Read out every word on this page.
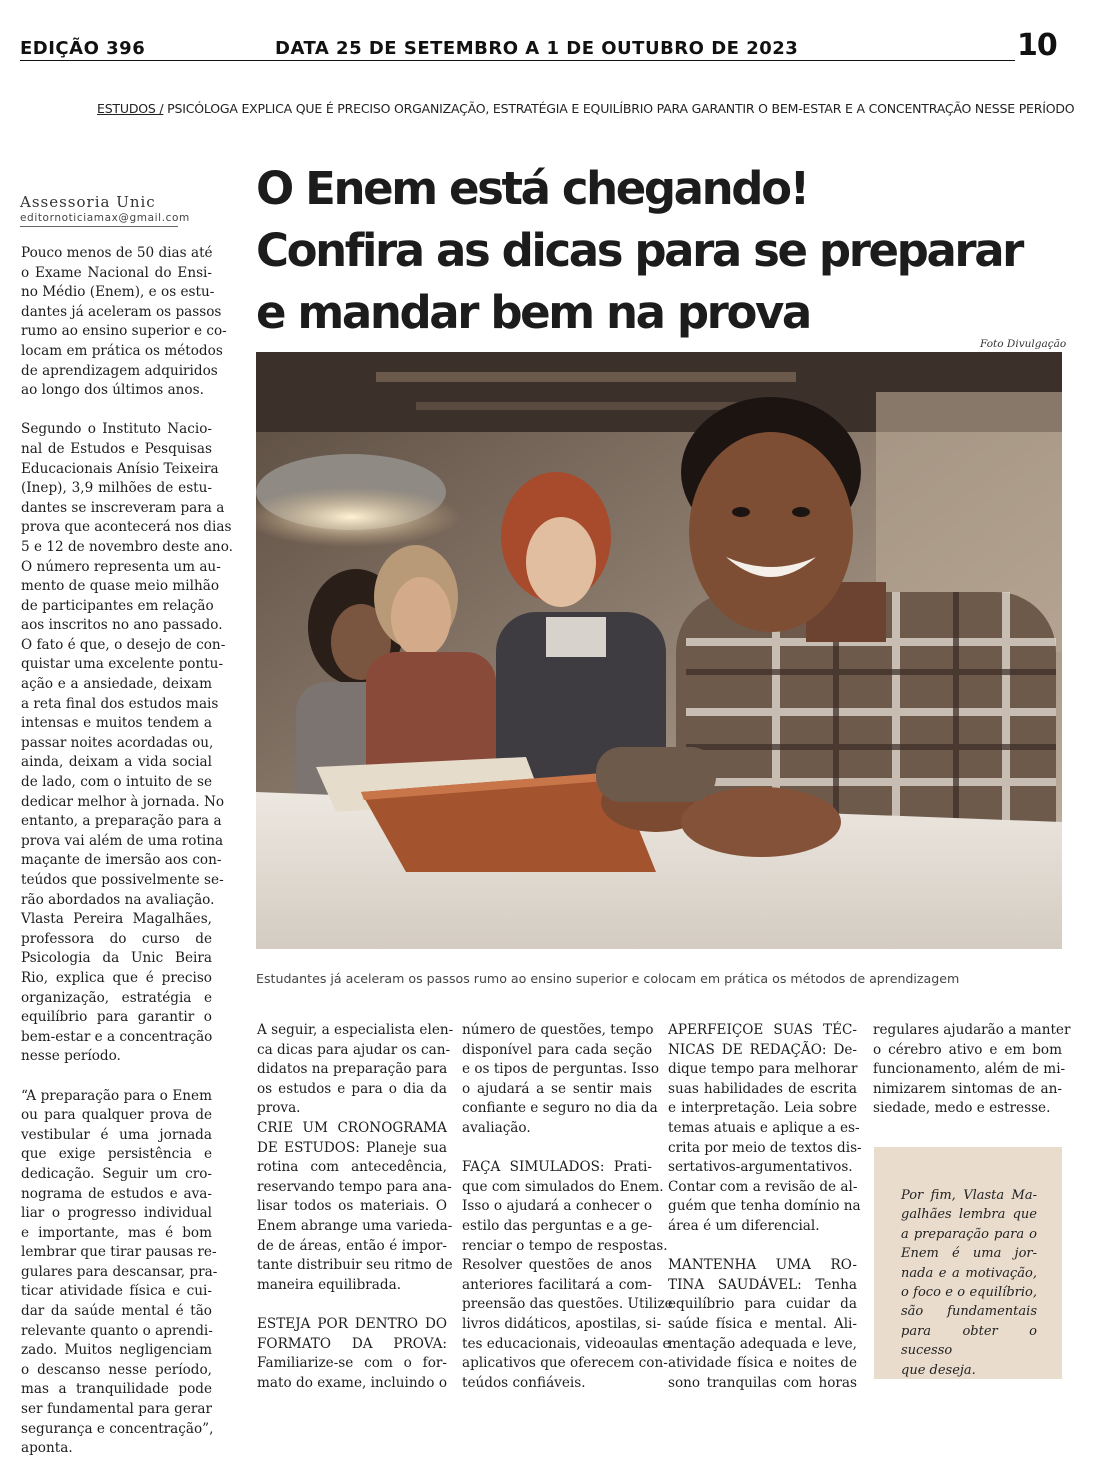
EDIÇÃO 396	DATA 25 DE SETEMBRO A 1 DE OUTUBRO DE 2023	10
ESTUDOS / PSICÓLOGA EXPLICA QUE É PRECISO ORGANIZAÇÃO, ESTRATÉGIA E EQUILÍBRIO PARA GARANTIR O BEM-ESTAR E A CONCENTRAÇÃO NESSE PERÍODO
Assessoria Unic
editornoticiamax@gmail.com
O Enem está chegando!
Confira as dicas para se preparar
e mandar bem na prova
Foto Divulgação
Estudantes já aceleram os passos rumo ao ensino superior e colocam em prática os métodos de aprendizagem

Pouco menos de 50 dias até
o Exame Nacional do Ensi-
no Médio (Enem), e os estu-
dantes já aceleram os passos
rumo ao ensino superior e co-
locam em prática os métodos
de aprendizagem adquiridos
ao longo dos últimos anos.

Segundo o Instituto Nacio-
nal de Estudos e Pesquisas
Educacionais Anísio Teixeira
(Inep), 3,9 milhões de estu-
dantes se inscreveram para a
prova que acontecerá nos dias
5 e 12 de novembro deste ano.
O número representa um au-
mento de quase meio milhão
de participantes em relação
aos inscritos no ano passado.
O fato é que, o desejo de con-
quistar uma excelente pontu-
ação e a ansiedade, deixam
a reta final dos estudos mais
intensas e muitos tendem a
passar noites acordadas ou,
ainda, deixam a vida social
de lado, com o intuito de se
dedicar melhor à jornada. No
entanto, a preparação para a
prova vai além de uma rotina
maçante de imersão aos con-
teúdos que possivelmente se-
rão abordados na avaliação.
Vlasta Pereira Magalhães,
professora do curso de
Psicologia da Unic Beira
Rio, explica que é preciso
organização, estratégia e
equilíbrio para garantir o
bem-estar e a concentração
nesse período.

“A preparação para o Enem
ou para qualquer prova de
vestibular é uma jornada
que exige persistência e
dedicação. Seguir um cro-
nograma de estudos e ava-
liar o progresso individual
e importante, mas é bom
lembrar que tirar pausas re-
gulares para descansar, pra-
ticar atividade física e cui-
dar da saúde mental é tão
relevante quanto o aprendi-
zado. Muitos negligenciam
o descanso nesse período,
mas a tranquilidade pode
ser fundamental para gerar
segurança e concentração”,
aponta.

A seguir, a especialista elen-
ca dicas para ajudar os can-
didatos na preparação para
os estudos e para o dia da
prova.
CRIE UM CRONOGRAMA
DE ESTUDOS: Planeje sua
rotina com antecedência,
reservando tempo para ana-
lisar todos os materiais. O
Enem abrange uma varieda-
de de áreas, então é impor-
tante distribuir seu ritmo de
maneira equilibrada.

ESTEJA POR DENTRO DO
FORMATO DA PROVA:
Familiarize-se com o for-
mato do exame, incluindo o

número de questões, tempo
disponível para cada seção
e os tipos de perguntas. Isso
o ajudará a se sentir mais
confiante e seguro no dia da
avaliação.

FAÇA SIMULADOS: Prati-
que com simulados do Enem.
Isso o ajudará a conhecer o
estilo das perguntas e a ge-
renciar o tempo de respostas.
Resolver questões de anos
anteriores facilitará a com-
preensão das questões. Utilize
livros didáticos, apostilas, si-
tes educacionais, videoaulas e
aplicativos que oferecem con-
teúdos confiáveis.

APERFEIÇOE SUAS TÉC-
NICAS DE REDAÇÃO: De-
dique tempo para melhorar
suas habilidades de escrita
e interpretação. Leia sobre
temas atuais e aplique a es-
crita por meio de textos dis-
sertativos-argumentativos.
Contar com a revisão de al-
guém que tenha domínio na
área é um diferencial.

MANTENHA UMA RO-
TINA SAUDÁVEL: Tenha
equilíbrio para cuidar da
saúde física e mental. Ali-
mentação adequada e leve,
atividade física e noites de
sono tranquilas com horas

regulares ajudarão a manter
o cérebro ativo e em bom
funcionamento, além de mi-
nimizarem sintomas de an-
siedade, medo e estresse.

Por fim, Vlasta Ma- galhães lembra que a preparação para o Enem é uma jor- nada e a motivação, o foco e o equilíbrio, são fundamentais para obter o sucesso
que deseja.
